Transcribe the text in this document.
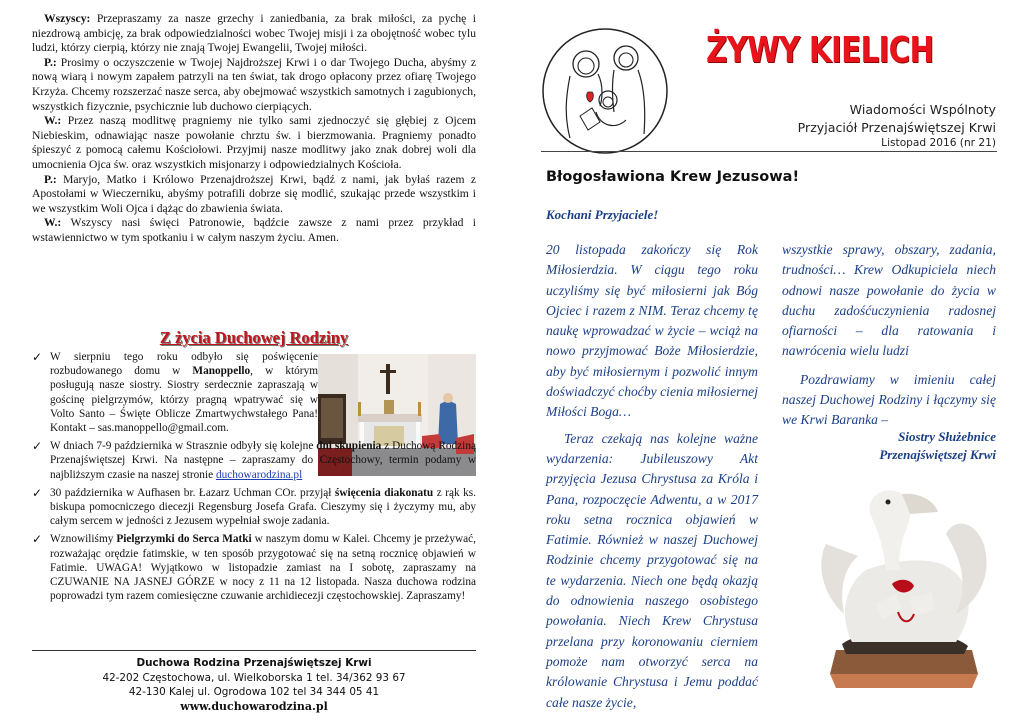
Wszyscy: Przepraszamy za nasze grzechy i zaniedbania, za brak miłości, za pychę i niezdrową ambicję, za brak odpowiedzialności wobec Twojej misji i za obojętność wobec tylu ludzi, którzy cierpią, którzy nie znają Twojej Ewangelii, Twojej miłości.

P.: Prosimy o oczyszczenie w Twojej Najdroższej Krwi i o dar Twojego Ducha, abyśmy z nową wiarą i nowym zapałem patrzyli na ten świat, tak drogo opłacony przez ofiarę Twojego Krzyża. Chcemy rozszerzać nasze serca, aby obejmować wszystkich samotnych i zagubionych, wszystkich fizycznie, psychicznie lub duchowo cierpiących.

W.: Przez naszą modlitwę pragniemy nie tylko sami zjednoczyć się głębiej z Ojcem Niebieskim, odnawiając nasze powołanie chrztu św. i bierzmowania. Pragniemy ponadto śpieszyć z pomocą całemu Kościołowi. Przyjmij nasze modlitwy jako znak dobrej woli dla umocnienia Ojca św. oraz wszystkich misjonarzy i odpowiedzialnych Kościoła.

P.: Maryjo, Matko i Królowo Przenajdroższej Krwi, bądź z nami, jak byłaś razem z Apostołami w Wieczerniku, abyśmy potrafili dobrze się modlić, szukając przede wszystkim i we wszystkim Woli Ojca i dążąc do zbawienia świata.

W.: Wszyscy nasi święci Patronowie, bądźcie zawsze z nami przez przykład i wstawiennictwo w tym spotkaniu i w całym naszym życiu. Amen.

Z życia Duchowej Rodziny
✓ W sierpniu tego roku odbyło się poświęcenie rozbudowanego domu w Manoppello, w którym posługują nasze siostry. Siostry serdecznie zapraszają w gościnę pielgrzymów, którzy pragną wpatrywać się w Volto Santo – Święte Oblicze Zmartwychwstałego Pana! Kontakt – sas.manoppello@gmail.com.
✓ W dniach 7-9 października w Strasznie odbyły się kolejne dni skupienia z Duchową Rodziną Przenajświętszej Krwi. Na następne – zapraszamy do Częstochowy, termin podamy w najbliższym czasie na naszej stronie duchowarodzina.pl
✓ 30 października w Aufhasen br. Łazarz Uchman COr. przyjął święcenia diakonatu z rąk ks. biskupa pomocniczego diecezji Regensburg Josefa Grafa. Cieszymy się i życzymy mu, aby całym sercem w jedności z Jezusem wypełniał swoje zadania.
✓ Wznowiliśmy Pielgrzymki do Serca Matki w naszym domu w Kalei. Chcemy je przeżywać, rozważając orędzie fatimskie, w ten sposób przygotować się na setną rocznicę objawień w Fatimie. UWAGA! Wyjątkowo w listopadzie zamiast na I sobotę, zapraszamy na CZUWANIE NA JASNEJ GÓRZE w nocy z 11 na 12 listopada. Nasza duchowa rodzina poprowadzi tym razem comiesięczne czuwanie archidiecezji częstochowskiej. Zapraszamy!
Duchowa Rodzina Przenajświętszej Krwi
42-202 Częstochowa, ul. Wielkoborska 1 tel. 34/362 93 67
42-130 Kalej ul. Ogrodowa 102 tel 34 344 05 41
www.duchowarodzina.pl
ŻYWY KIELICH
Wiadomości Wspólnoty
Przyjaciół Przenajświętszej Krwi
Listopad 2016 (nr 21)
Błogosławiona Krew Jezusowa!
Kochani Przyjaciele!

20 listopada zakończy się Rok Miłosierdzia. W ciągu tego roku uczyliśmy się być miłosierni jak Bóg Ojciec i razem z NIM. Teraz chcemy tę naukę wprowadzać w życie – wciąż na nowo przyjmować Boże Miłosierdzie, aby być miłosiernym i pozwolić innym doświadczyć choćby cienia miłosiernej Miłości Boga…

Teraz czekają nas kolejne ważne wydarzenia: Jubileuszowy Akt przyjęcia Jezusa Chrystusa za Króla i Pana, rozpoczęcie Adwentu, a w 2017 roku setna rocznica objawień w Fatimie. Również w naszej Duchowej Rodzinie chcemy przygotować się na te wydarzenia. Niech one będą okazją do odnowienia naszego osobistego powołania. Niech Krew Chrystusa przelana przy koronowaniu cierniem pomoże nam otworzyć serca na królowanie Chrystusa i Jemu poddać całe nasze życie,

wszystkie sprawy, obszary, zadania, trudności… Krew Odkupiciela niech odnowi nasze powołanie do życia w duchu zadośćuczynienia radosnej ofiarności – dla ratowania i nawrócenia wielu ludzi

Pozdrawiamy w imieniu całej naszej Duchowej Rodziny i łączymy się we Krwi Baranka –

Siostry Służebnice
Przenajświętszej Krwi
